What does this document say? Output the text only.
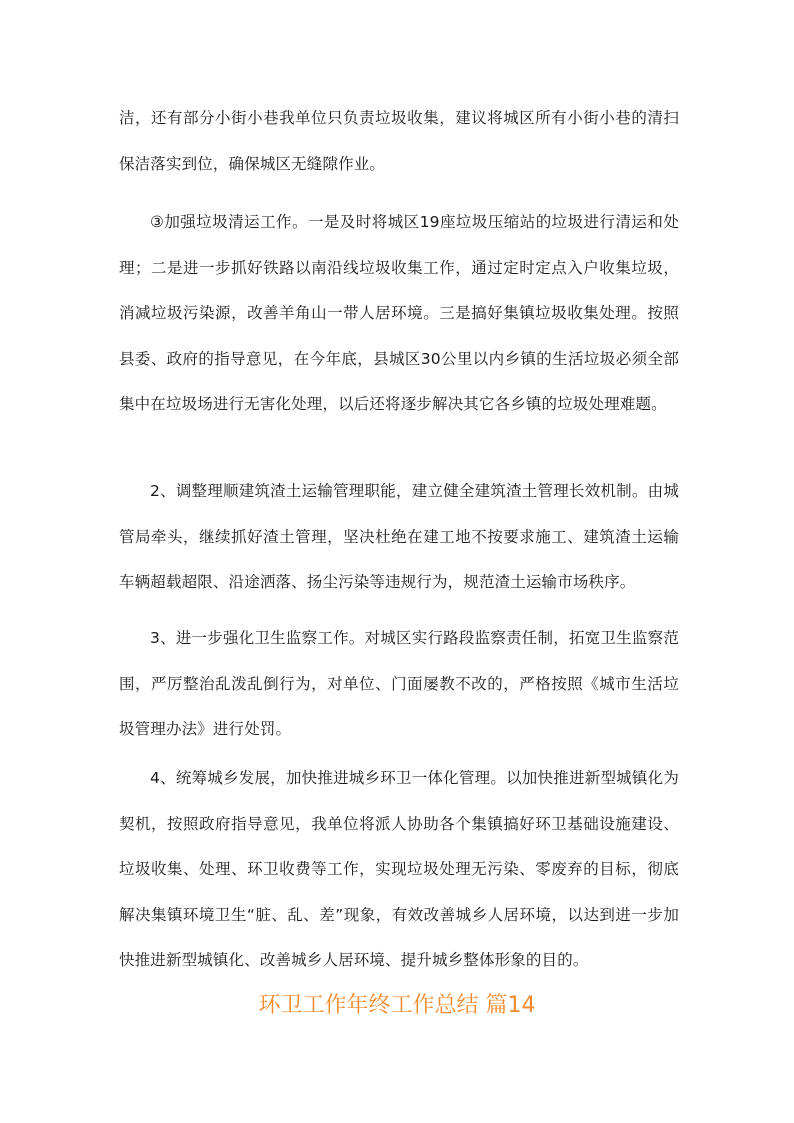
洁，还有部分小街小巷我单位只负责垃圾收集，建议将城区所有小街小巷的清扫保洁落实到位，确保城区无缝隙作业。

③加强垃圾清运工作。一是及时将城区19座垃圾压缩站的垃圾进行清运和处理；二是进一步抓好铁路以南沿线垃圾收集工作，通过定时定点入户收集垃圾，消减垃圾污染源，改善羊角山一带人居环境。三是搞好集镇垃圾收集处理。按照县委、政府的指导意见，在今年底，县城区30公里以内乡镇的生活垃圾必须全部集中在垃圾场进行无害化处理，以后还将逐步解决其它各乡镇的垃圾处理难题。

2、调整理顺建筑渣土运输管理职能，建立健全建筑渣土管理长效机制。由城管局牵头，继续抓好渣土管理，坚决杜绝在建工地不按要求施工、建筑渣土运输车辆超载超限、沿途洒落、扬尘污染等违规行为，规范渣土运输市场秩序。

3、进一步强化卫生监察工作。对城区实行路段监察责任制，拓宽卫生监察范围，严厉整治乱泼乱倒行为，对单位、门面屡教不改的，严格按照《城市生活垃圾管理办法》进行处罚。

4、统筹城乡发展，加快推进城乡环卫一体化管理。以加快推进新型城镇化为契机，按照政府指导意见，我单位将派人协助各个集镇搞好环卫基础设施建设、垃圾收集、处理、环卫收费等工作，实现垃圾处理无污染、零废弃的目标，彻底解决集镇环境卫生“脏、乱、差”现象，有效改善城乡人居环境，以达到进一步加快推进新型城镇化、改善城乡人居环境、提升城乡整体形象的目的。

环卫工作年终工作总结 篇14
